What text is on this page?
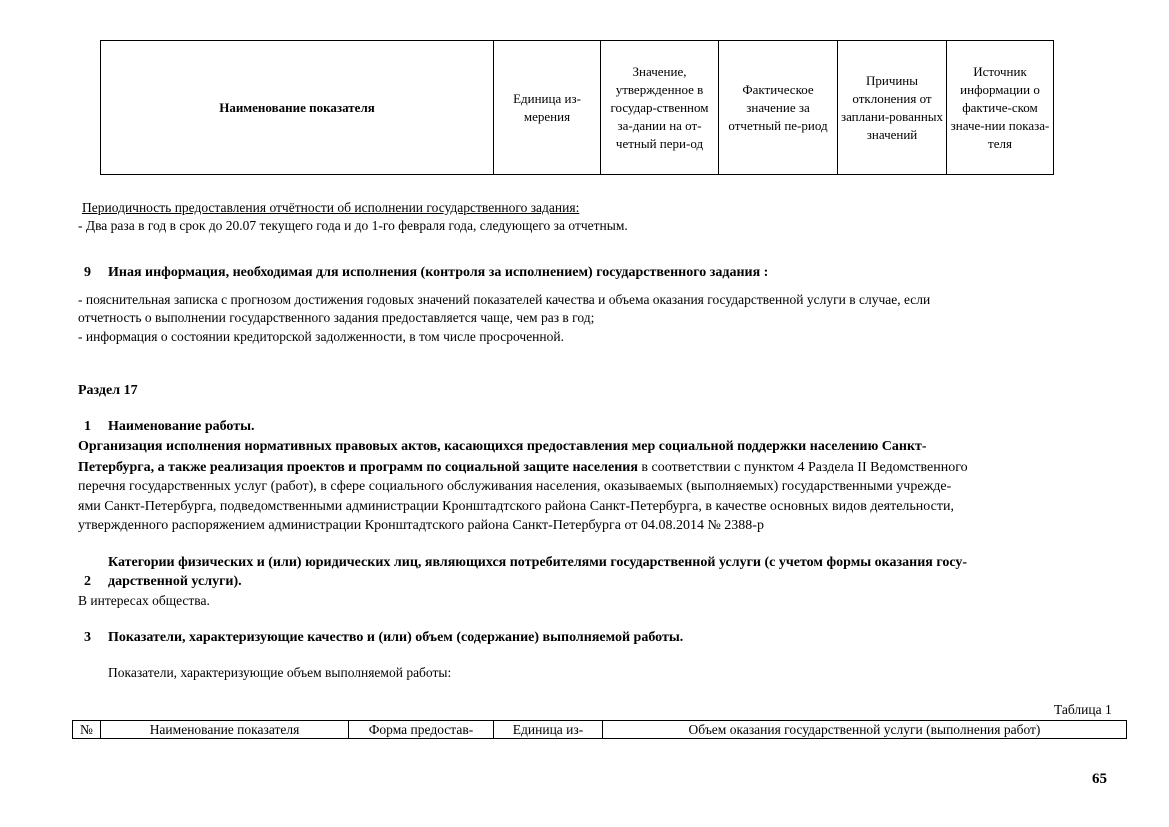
Наименование показателя	Единица из-мерения	Значение, утвержденное в государ-ственном за-дании на от-четный пери-од	Фактическое значение за отчетный пе-риод	Причины отклонения от заплани-рованных значений	Источник информации о фактиче-ском значе-нии показа-теля
Периодичность предоставления отчётности об исполнении государственного задания:
- Два раза в год в срок до 20.07 текущего года и до 1-го февраля года, следующего за отчетным.
9 Иная информация, необходимая для исполнения (контроля за исполнением) государственного задания :
- пояснительная записка с прогнозом достижения годовых значений показателей качества и объема оказания государственной услуги в случае, если
отчетность о выполнении государственного задания предоставляется чаще, чем раз в год;
- информация о состоянии кредиторской задолженности, в том числе просроченной.
Раздел 17
1 Наименование работы.
Организация исполнения нормативных правовых актов, касающихся предоставления мер социальной поддержки населению Санкт-
Петербурга, а также реализация проектов и программ по социальной защите населения в соответствии с пунктом 4 Раздела II Ведомственного
перечня государственных услуг (работ), в сфере социального обслуживания населения, оказываемых (выполняемых) государственными учрежде-
ями Санкт-Петербурга, подведомственными администрации Кронштадтского района Санкт-Петербурга, в качестве основных видов деятельности,
утвержденного распоряжением администрации Кронштадтского района Санкт-Петербурга от 04.08.2014 № 2388-р
Категории физических и (или) юридических лиц, являющихся потребителями государственной услуги (с учетом формы оказания госу-
2 дарственной услуги).
В интересах общества.
3 Показатели, характеризующие качество и (или) объем (содержание) выполняемой работы.
Показатели, характеризующие объем выполняемой работы:
Таблица 1
№	Наименование показателя	Форма предостав-	Единица из-	Объем оказания государственной услуги (выполнения работ)
65
